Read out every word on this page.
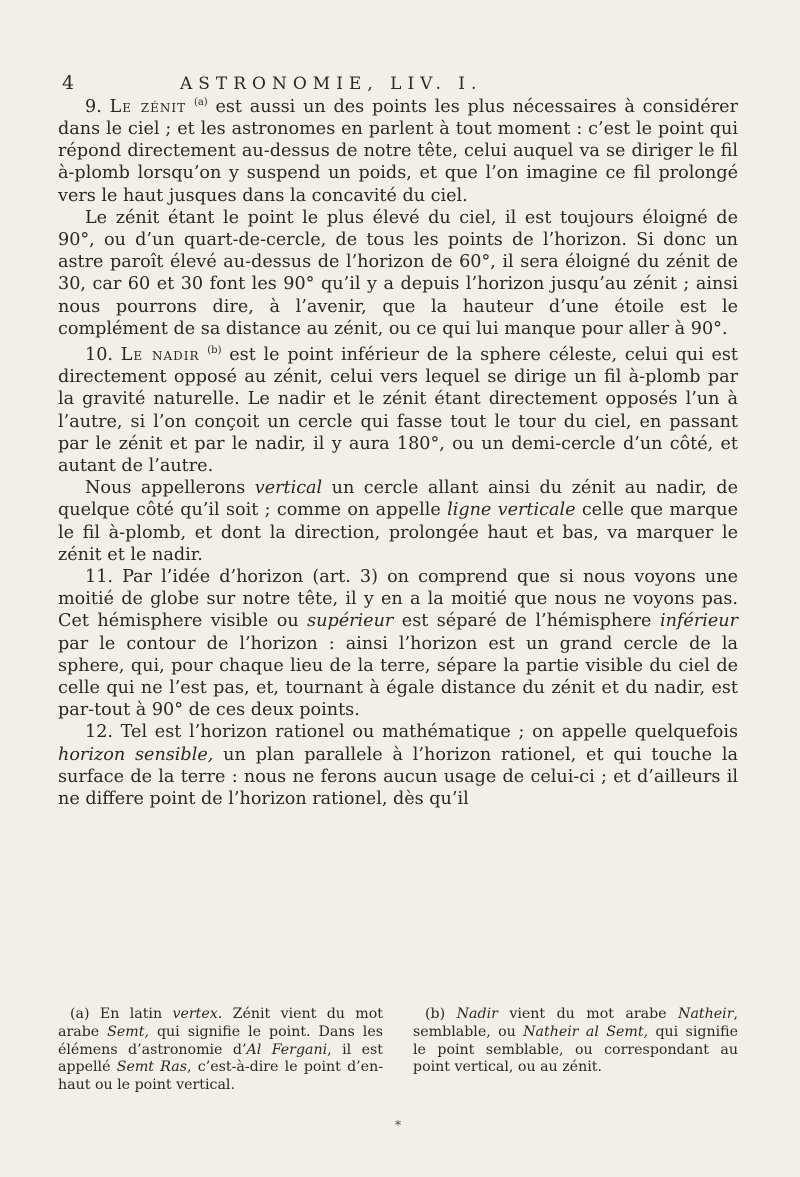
4	ASTRONOMIE, LIV. I.

9. Le zénit $^{(a)}$ est aussi un des points les plus nécessaires à considérer dans le ciel ; et les astronomes en parlent à tout moment : c’est le point qui répond directement au-dessus de notre tête, celui auquel va se diriger le fil à-plomb lorsqu’on y suspend un poids, et que l’on imagine ce fil prolongé vers le haut jusques dans la concavité du ciel.

Le zénit étant le point le plus élevé du ciel, il est toujours éloigné de 90°, ou d’un quart-de-cercle, de tous les points de l’horizon. Si donc un astre paroît élevé au-dessus de l’horizon de 60°, il sera éloigné du zénit de 30, car 60 et 30 font les 90° qu’il y a depuis l’horizon jusqu’au zénit ; ainsi nous pourrons dire, à l’avenir, que la hauteur d’une étoile est le complément de sa distance au zénit, ou ce qui lui manque pour aller à 90°.

10. Le nadir $^{(b)}$ est le point inférieur de la sphere céleste, celui qui est directement opposé au zénit, celui vers lequel se dirige un fil à-plomb par la gravité naturelle. Le nadir et le zénit étant directement opposés l’un à l’autre, si l’on conçoit un cercle qui fasse tout le tour du ciel, en passant par le zénit et par le nadir, il y aura 180°, ou un demi-cercle d’un côté, et autant de l’autre.

Nous appellerons vertical un cercle allant ainsi du zénit au nadir, de quelque côté qu’il soit ; comme on appelle ligne verticale celle que marque le fil à-plomb, et dont la direction, prolongée haut et bas, va marquer le zénit et le nadir.

11. Par l’idée d’horizon (art. 3) on comprend que si nous voyons une moitié de globe sur notre tête, il y en a la moitié que nous ne voyons pas. Cet hémisphere visible ou supérieur est séparé de l’hémisphere inférieur par le contour de l’horizon : ainsi l’horizon est un grand cercle de la sphere, qui, pour chaque lieu de la terre, sépare la partie visible du ciel de celle qui ne l’est pas, et, tournant à égale distance du zénit et du nadir, est par-tout à 90° de ces deux points.

12. Tel est l’horizon rationel ou mathématique ; on appelle quelquefois horizon sensible, un plan parallele à l’horizon rationel, et qui touche la surface de la terre : nous ne ferons aucun usage de celui-ci ; et d’ailleurs il ne differe point de l’horizon rationel, dès qu’il

(a) En latin vertex. Zénit vient du mot arabe Semt, qui signifie le point. Dans les élémens d’astronomie d’Al Fergani, il est appellé Semt Ras, c’est-à-dire le point d’en-haut ou le point vertical.

(b) Nadir vient du mot arabe Natheir, semblable, ou Natheir al Semt, qui signifie le point semblable, ou correspondant au point vertical, ou au zénit.

*
